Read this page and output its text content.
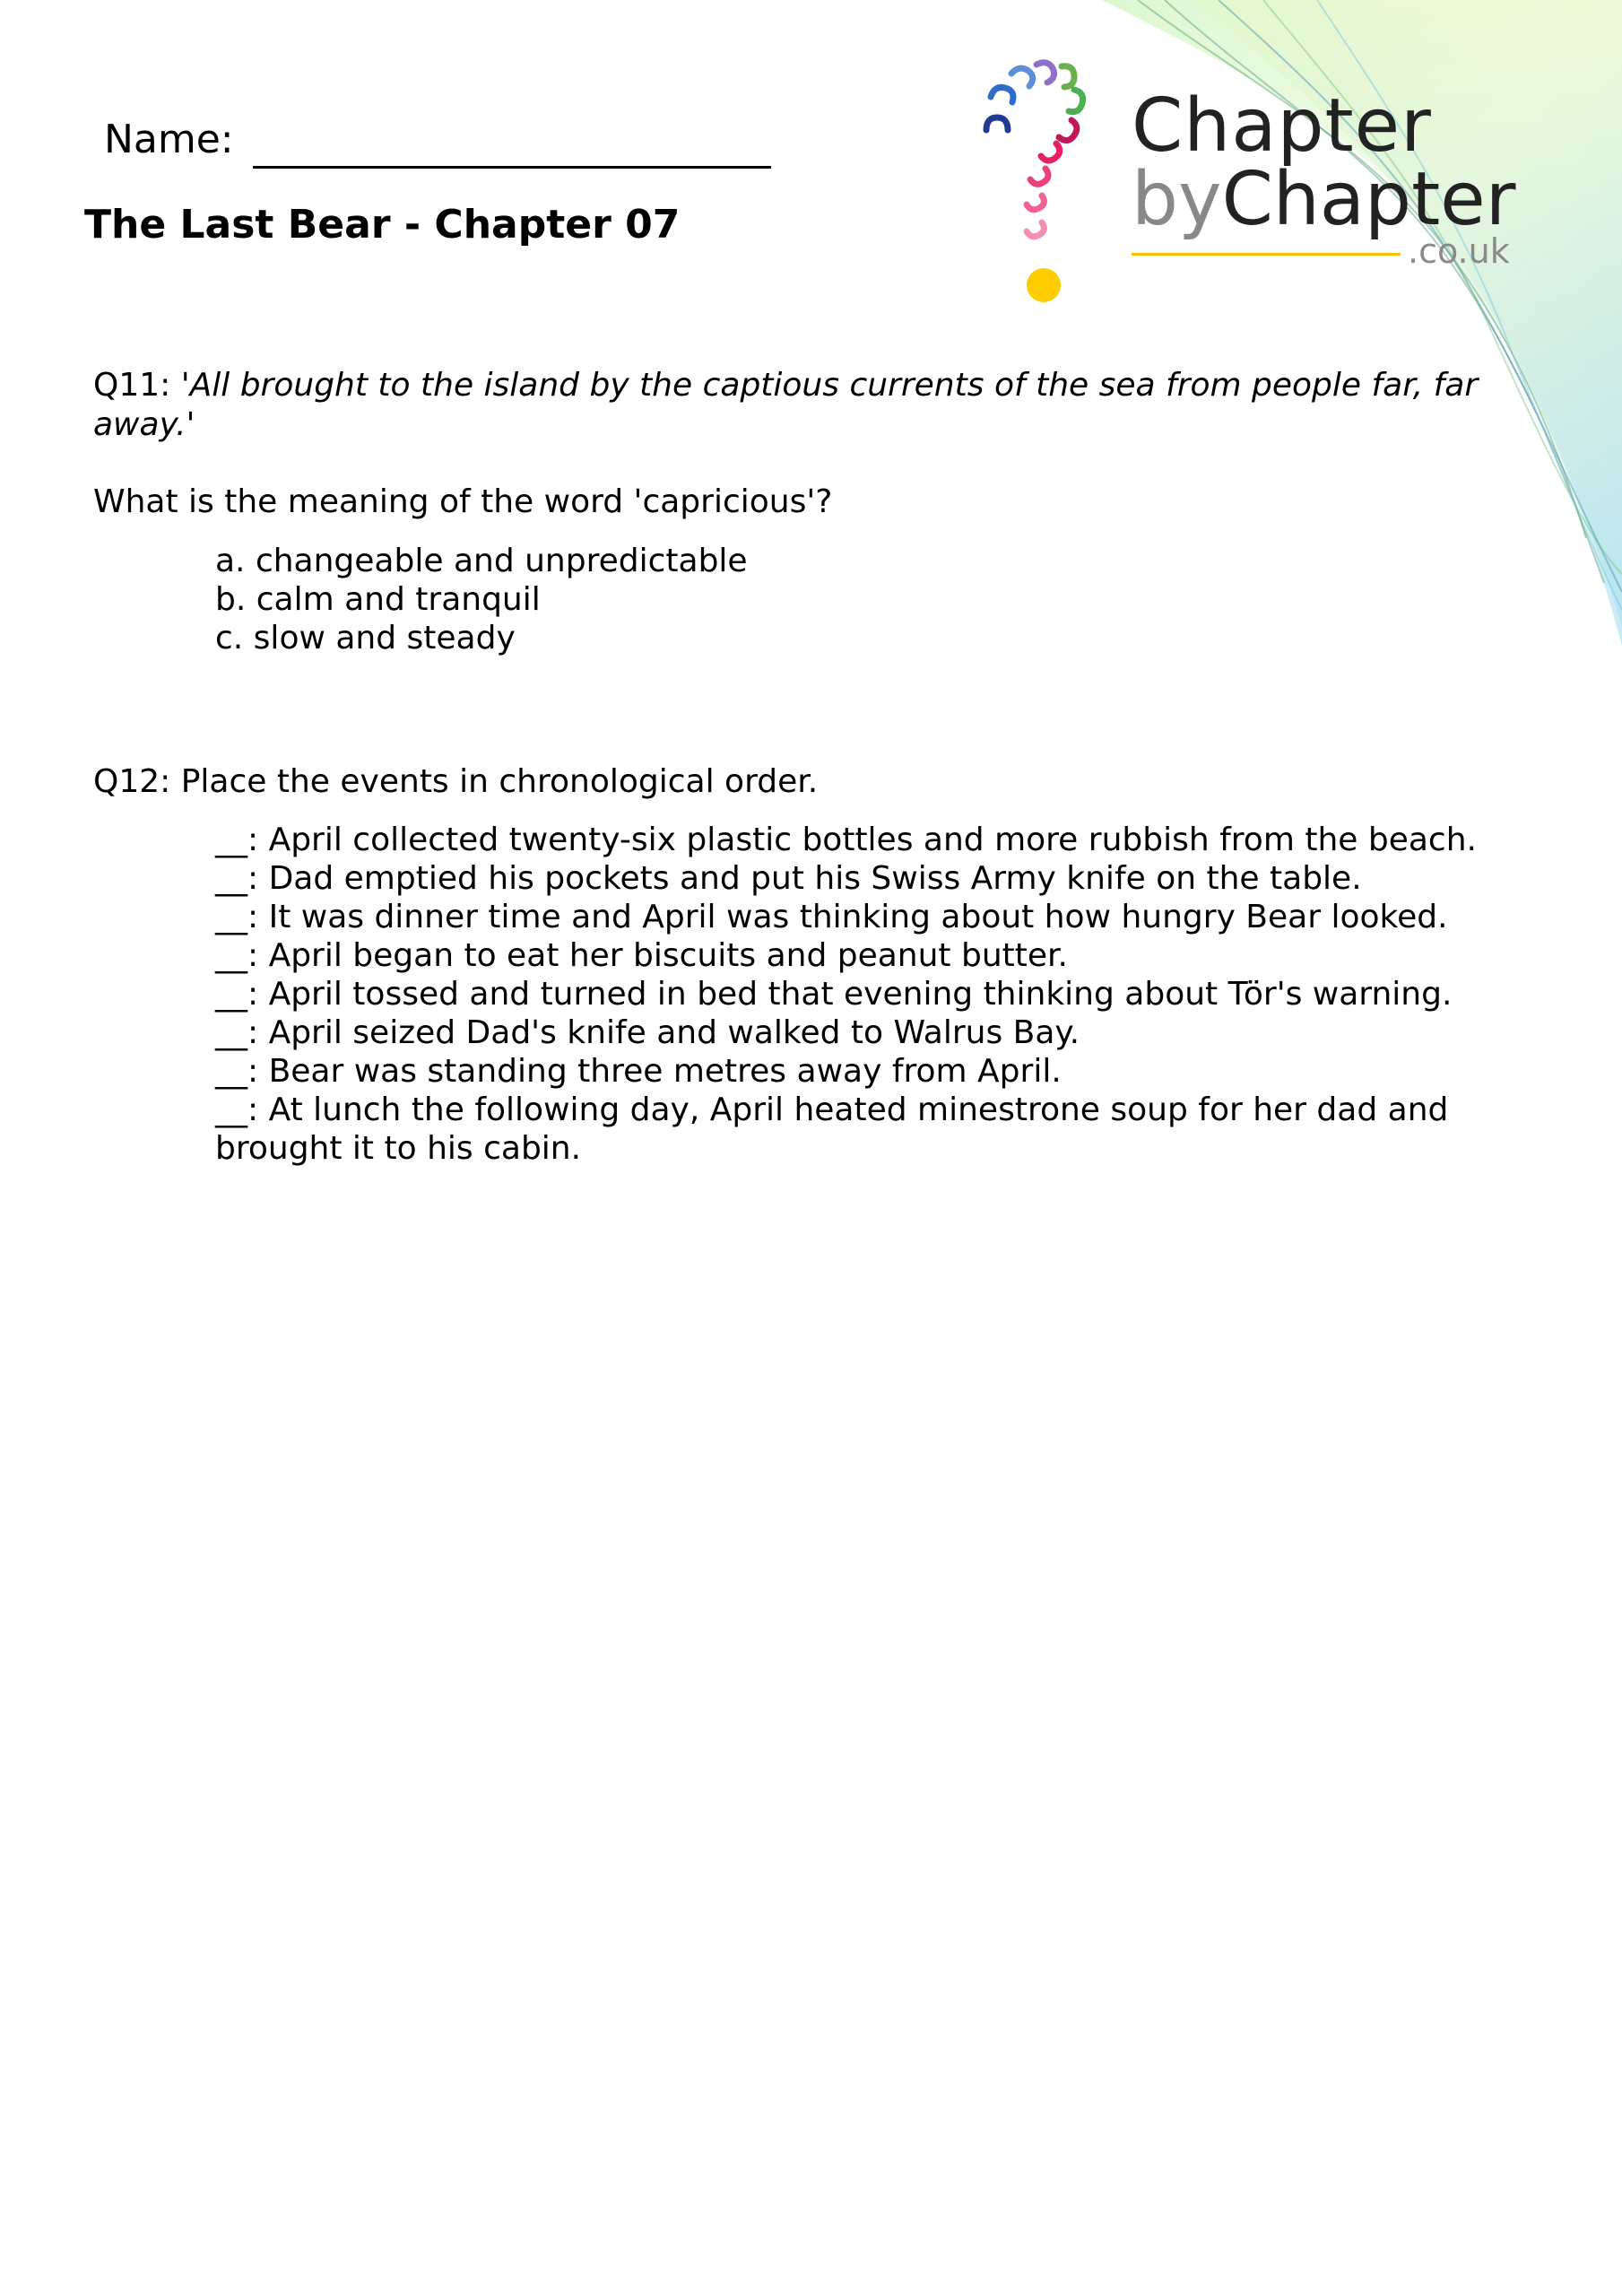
Chapter
byChapter
.co.uk
Name:
The Last Bear - Chapter 07
Q11: 'All brought to the island by the captious currents of the sea from people far, far away.'
What is the meaning of the word 'capricious'?
a. changeable and unpredictable
b. calm and tranquil
c. slow and steady
Q12: Place the events in chronological order.
__: April collected twenty-six plastic bottles and more rubbish from the beach.
__: Dad emptied his pockets and put his Swiss Army knife on the table.
__: It was dinner time and April was thinking about how hungry Bear looked.
__: April began to eat her biscuits and peanut butter.
__: April tossed and turned in bed that evening thinking about Tör's warning.
__: April seized Dad's knife and walked to Walrus Bay.
__: Bear was standing three metres away from April.
__: At lunch the following day, April heated minestrone soup for her dad and brought it to his cabin.
